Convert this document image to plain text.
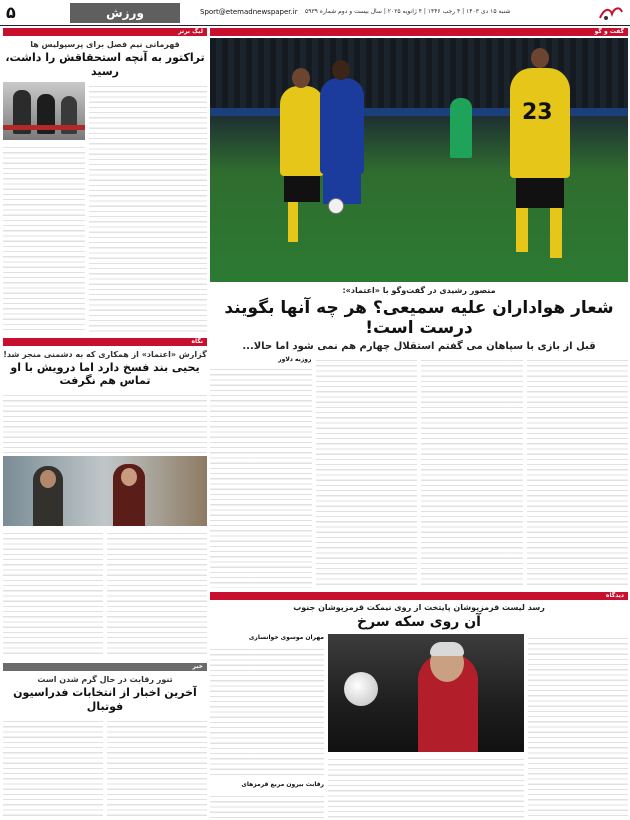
۵	ورزش	Sport@etemadnewspaper.ir شنبه ۱۵ دی ۱۴۰۳ | ۴ رجب ۱۴۴۶ | ۴ ژانویه ۲۰۲۵ | سال بیست و دوم شماره ۵۹۳۹
لیگ برتر
قهرمانی نیم فصل برای پرسپولیس ها
تراکتور به آنچه استحقاقش را داشت، رسید
نگاه
گزارش «اعتماد» از همکاری که به دشمنی منجر شد!
یحیی بند فسخ دارد اما درویش با او تماس هم نگرفت
خبر
تنور رقابت در حال گرم شدن است
آخرین اخبار از انتخابات فدراسیون فوتبال
گفت و گو
23
منصور رشیدی در گفت‌وگو با «اعتماد»:
شعار هواداران علیه سمیعی؟ هر چه آنها بگویند درست است!
قبل از بازی با سپاهان می گفتم استقلال چهارم هم نمی شود اما حالا...
روزبه دلاور
دیدگاه
رسد لیست قرمزپوشان پایتخت از روی نیمکت قرمزپوشان جنوب
آن روی سکه سرخ
مهران موسوی خوانساری
رقابت بیرون مربع قرمزهای
